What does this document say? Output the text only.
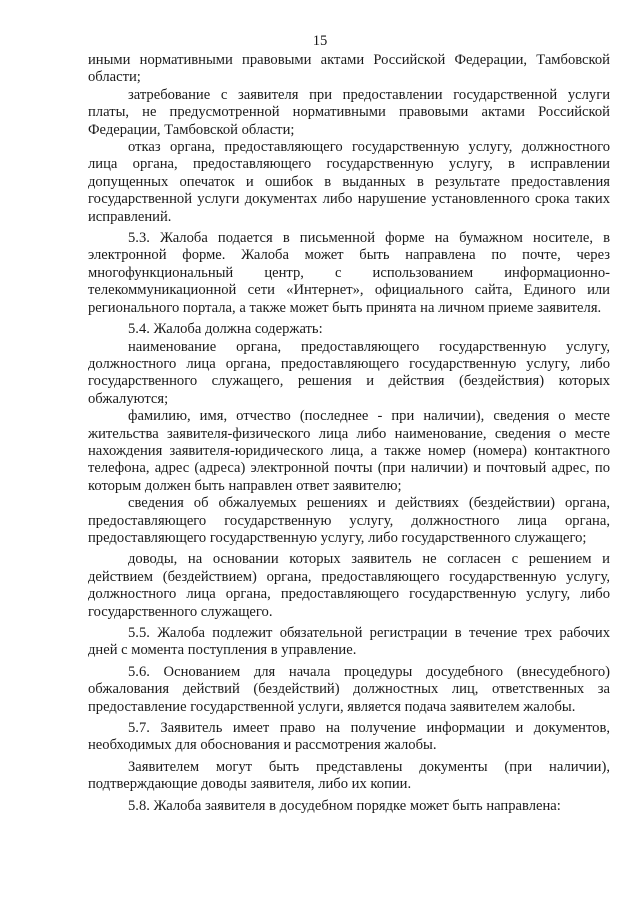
15

иными нормативными правовыми актами Российской Федерации, Тамбовской области;

затребование с заявителя при предоставлении государственной услуги платы, не предусмотренной нормативными правовыми актами Российской Федерации, Тамбовской области;

отказ органа, предоставляющего государственную услугу, должностного лица органа, предоставляющего государственную услугу, в исправлении допущенных опечаток и ошибок в выданных в результате предоставления государственной услуги документах либо нарушение установленного срока таких исправлений.

5.3. Жалоба подается в письменной форме на бумажном носителе, в электронной форме. Жалоба может быть направлена по почте, через многофункциональный центр, с использованием информационно-телекоммуникационной сети «Интернет», официального сайта, Единого или регионального портала, а также может быть принята на личном приеме заявителя.

5.4. Жалоба должна содержать:

наименование органа, предоставляющего государственную услугу, должностного лица органа, предоставляющего государственную услугу, либо государственного служащего, решения и действия (бездействия) которых обжалуются;

фамилию, имя, отчество (последнее - при наличии), сведения о месте жительства заявителя-физического лица либо наименование, сведения о месте нахождения заявителя-юридического лица, а также номер (номера) контактного телефона, адрес (адреса) электронной почты (при наличии) и почтовый адрес, по которым должен быть направлен ответ заявителю;

сведения об обжалуемых решениях и действиях (бездействии) органа, предоставляющего государственную услугу, должностного лица органа, предоставляющего государственную услугу, либо государственного служащего;

доводы, на основании которых заявитель не согласен с решением и действием (бездействием) органа, предоставляющего государственную услугу, должностного лица органа, предоставляющего государственную услугу, либо государственного служащего.

5.5. Жалоба подлежит обязательной регистрации в течение трех рабочих дней с момента поступления в управление.

5.6. Основанием для начала процедуры досудебного (внесудебного) обжалования действий (бездействий) должностных лиц, ответственных за предоставление государственной услуги, является подача заявителем жалобы.

5.7. Заявитель имеет право на получение информации и документов, необходимых для обоснования и рассмотрения жалобы.

Заявителем могут быть представлены документы (при наличии), подтверждающие доводы заявителя, либо их копии.

5.8. Жалоба заявителя в досудебном порядке может быть направлена:
